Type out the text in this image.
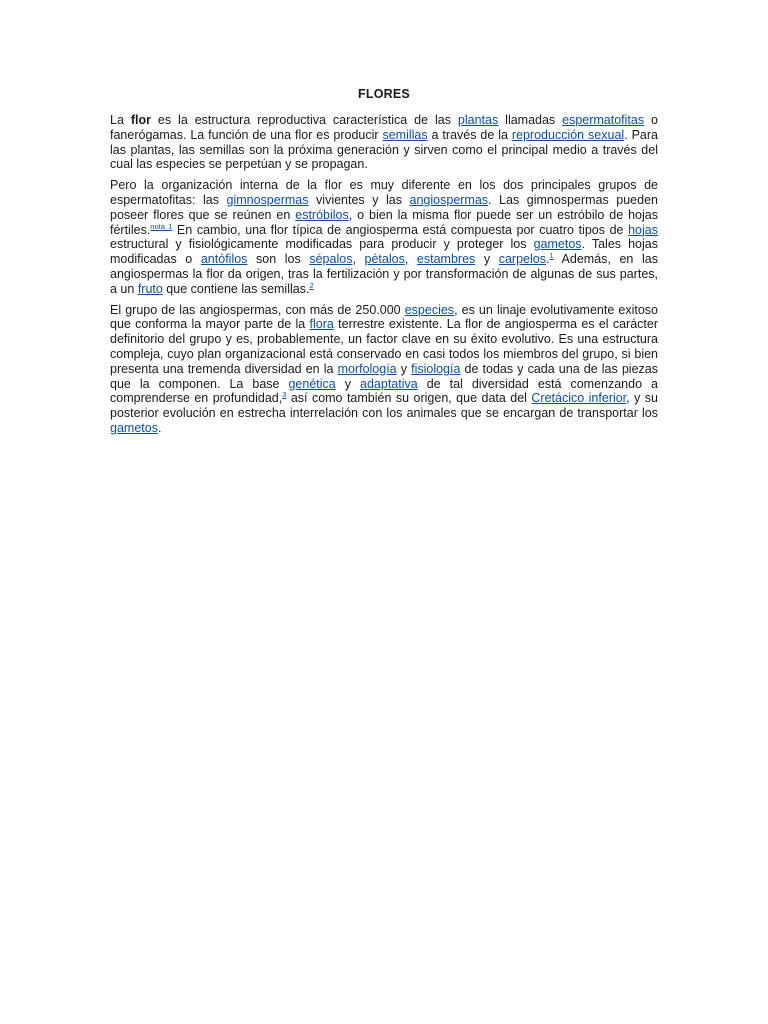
FLORES

La flor es la estructura reproductiva característica de las plantas llamadas espermatofitas o fanerógamas. La función de una flor es producir semillas a través de la reproducción sexual. Para las plantas, las semillas son la próxima generación y sirven como el principal medio a través del cual las especies se perpetúan y se propagan.

Pero la organización interna de la flor es muy diferente en los dos principales grupos de espermatofitas: las gimnospermas vivientes y las angiospermas. Las gimnospermas pueden poseer flores que se reúnen en estróbilos, o bien la misma flor puede ser un estróbilo de hojas fértiles.$^{nota 1}$ En cambio, una flor típica de angiosperma está compuesta por cuatro tipos de hojas estructural y fisiológicamente modificadas para producir y proteger los gametos. Tales hojas modificadas o antófilos son los sépalos, pétalos, estambres y carpelos.$^1$ Además, en las angiospermas la flor da origen, tras la fertilización y por transformación de algunas de sus partes, a un fruto que contiene las semillas.$^2$

El grupo de las angiospermas, con más de 250.000 especies, es un linaje evolutivamente exitoso que conforma la mayor parte de la flora terrestre existente. La flor de angiosperma es el carácter definitorio del grupo y es, probablemente, un factor clave en su éxito evolutivo. Es una estructura compleja, cuyo plan organizacional está conservado en casi todos los miembros del grupo, si bien presenta una tremenda diversidad en la morfología y fisiología de todas y cada una de las piezas que la componen. La base genética y adaptativa de tal diversidad está comenzando a comprenderse en profundidad,$^3$ así como también su origen, que data del Cretácico inferior, y su posterior evolución en estrecha interrelación con los animales que se encargan de transportar los gametos.
